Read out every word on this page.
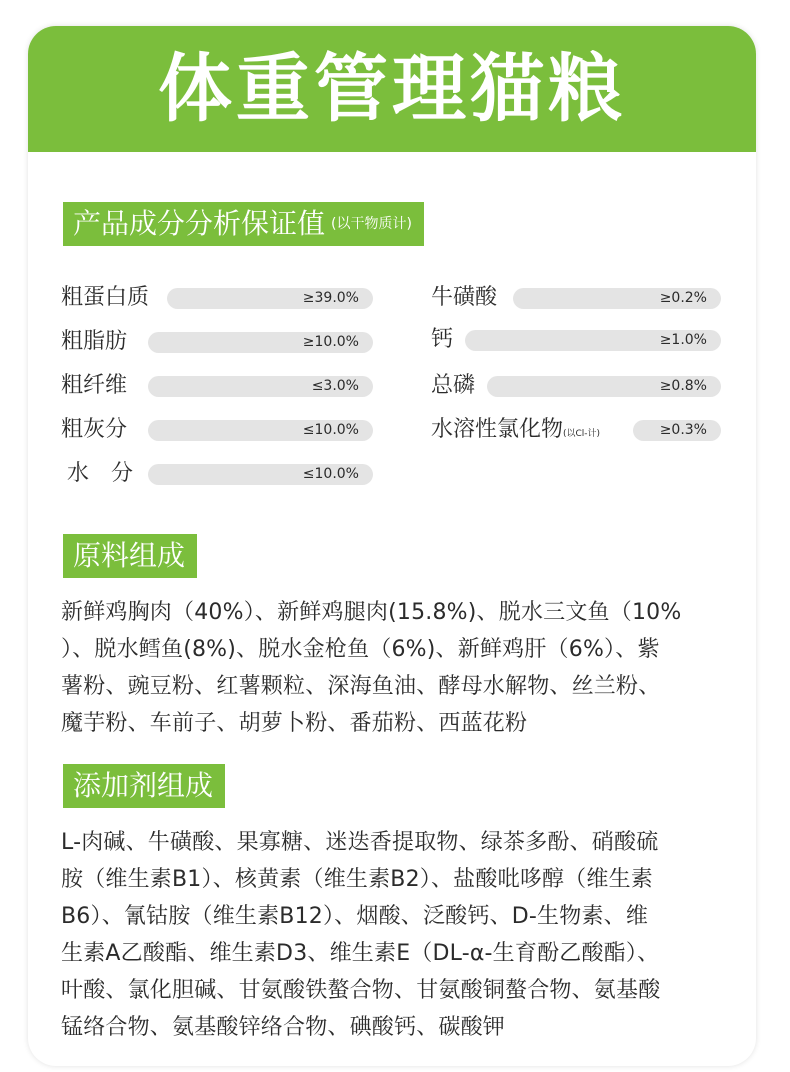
体重管理猫粮
产品成分分析保证值 (以干物质计)
粗蛋白质	≥39.0%
粗脂肪	≥10.0%
粗纤维	≤3.0%
粗灰分	≤10.0%
水　分	≤10.0%
牛磺酸	≥0.2%
钙	≥1.0%
总磷	≥0.8%
水溶性氯化物(以Cl-计)	≥0.3%
原料组成
新鲜鸡胸肉（40%）、新鲜鸡腿肉(15.8%)、脱水三文鱼（10%
）、脱水鳕鱼(8%)、脱水金枪鱼（6%)、新鲜鸡肝（6%）、紫
薯粉、豌豆粉、红薯颗粒、深海鱼油、酵母水解物、丝兰粉、
魔芋粉、车前子、胡萝卜粉、番茄粉、西蓝花粉
添加剂组成
L-肉碱、牛磺酸、果寡糖、迷迭香提取物、绿茶多酚、硝酸硫
胺（维生素B1）、核黄素（维生素B2）、盐酸吡哆醇（维生素
B6）、氰钴胺（维生素B12）、烟酸、泛酸钙、D-生物素、维
生素A乙酸酯、维生素D3、维生素E（DL-α-生育酚乙酸酯）、
叶酸、氯化胆碱、甘氨酸铁螯合物、甘氨酸铜螯合物、氨基酸
锰络合物、氨基酸锌络合物、碘酸钙、碳酸钾
